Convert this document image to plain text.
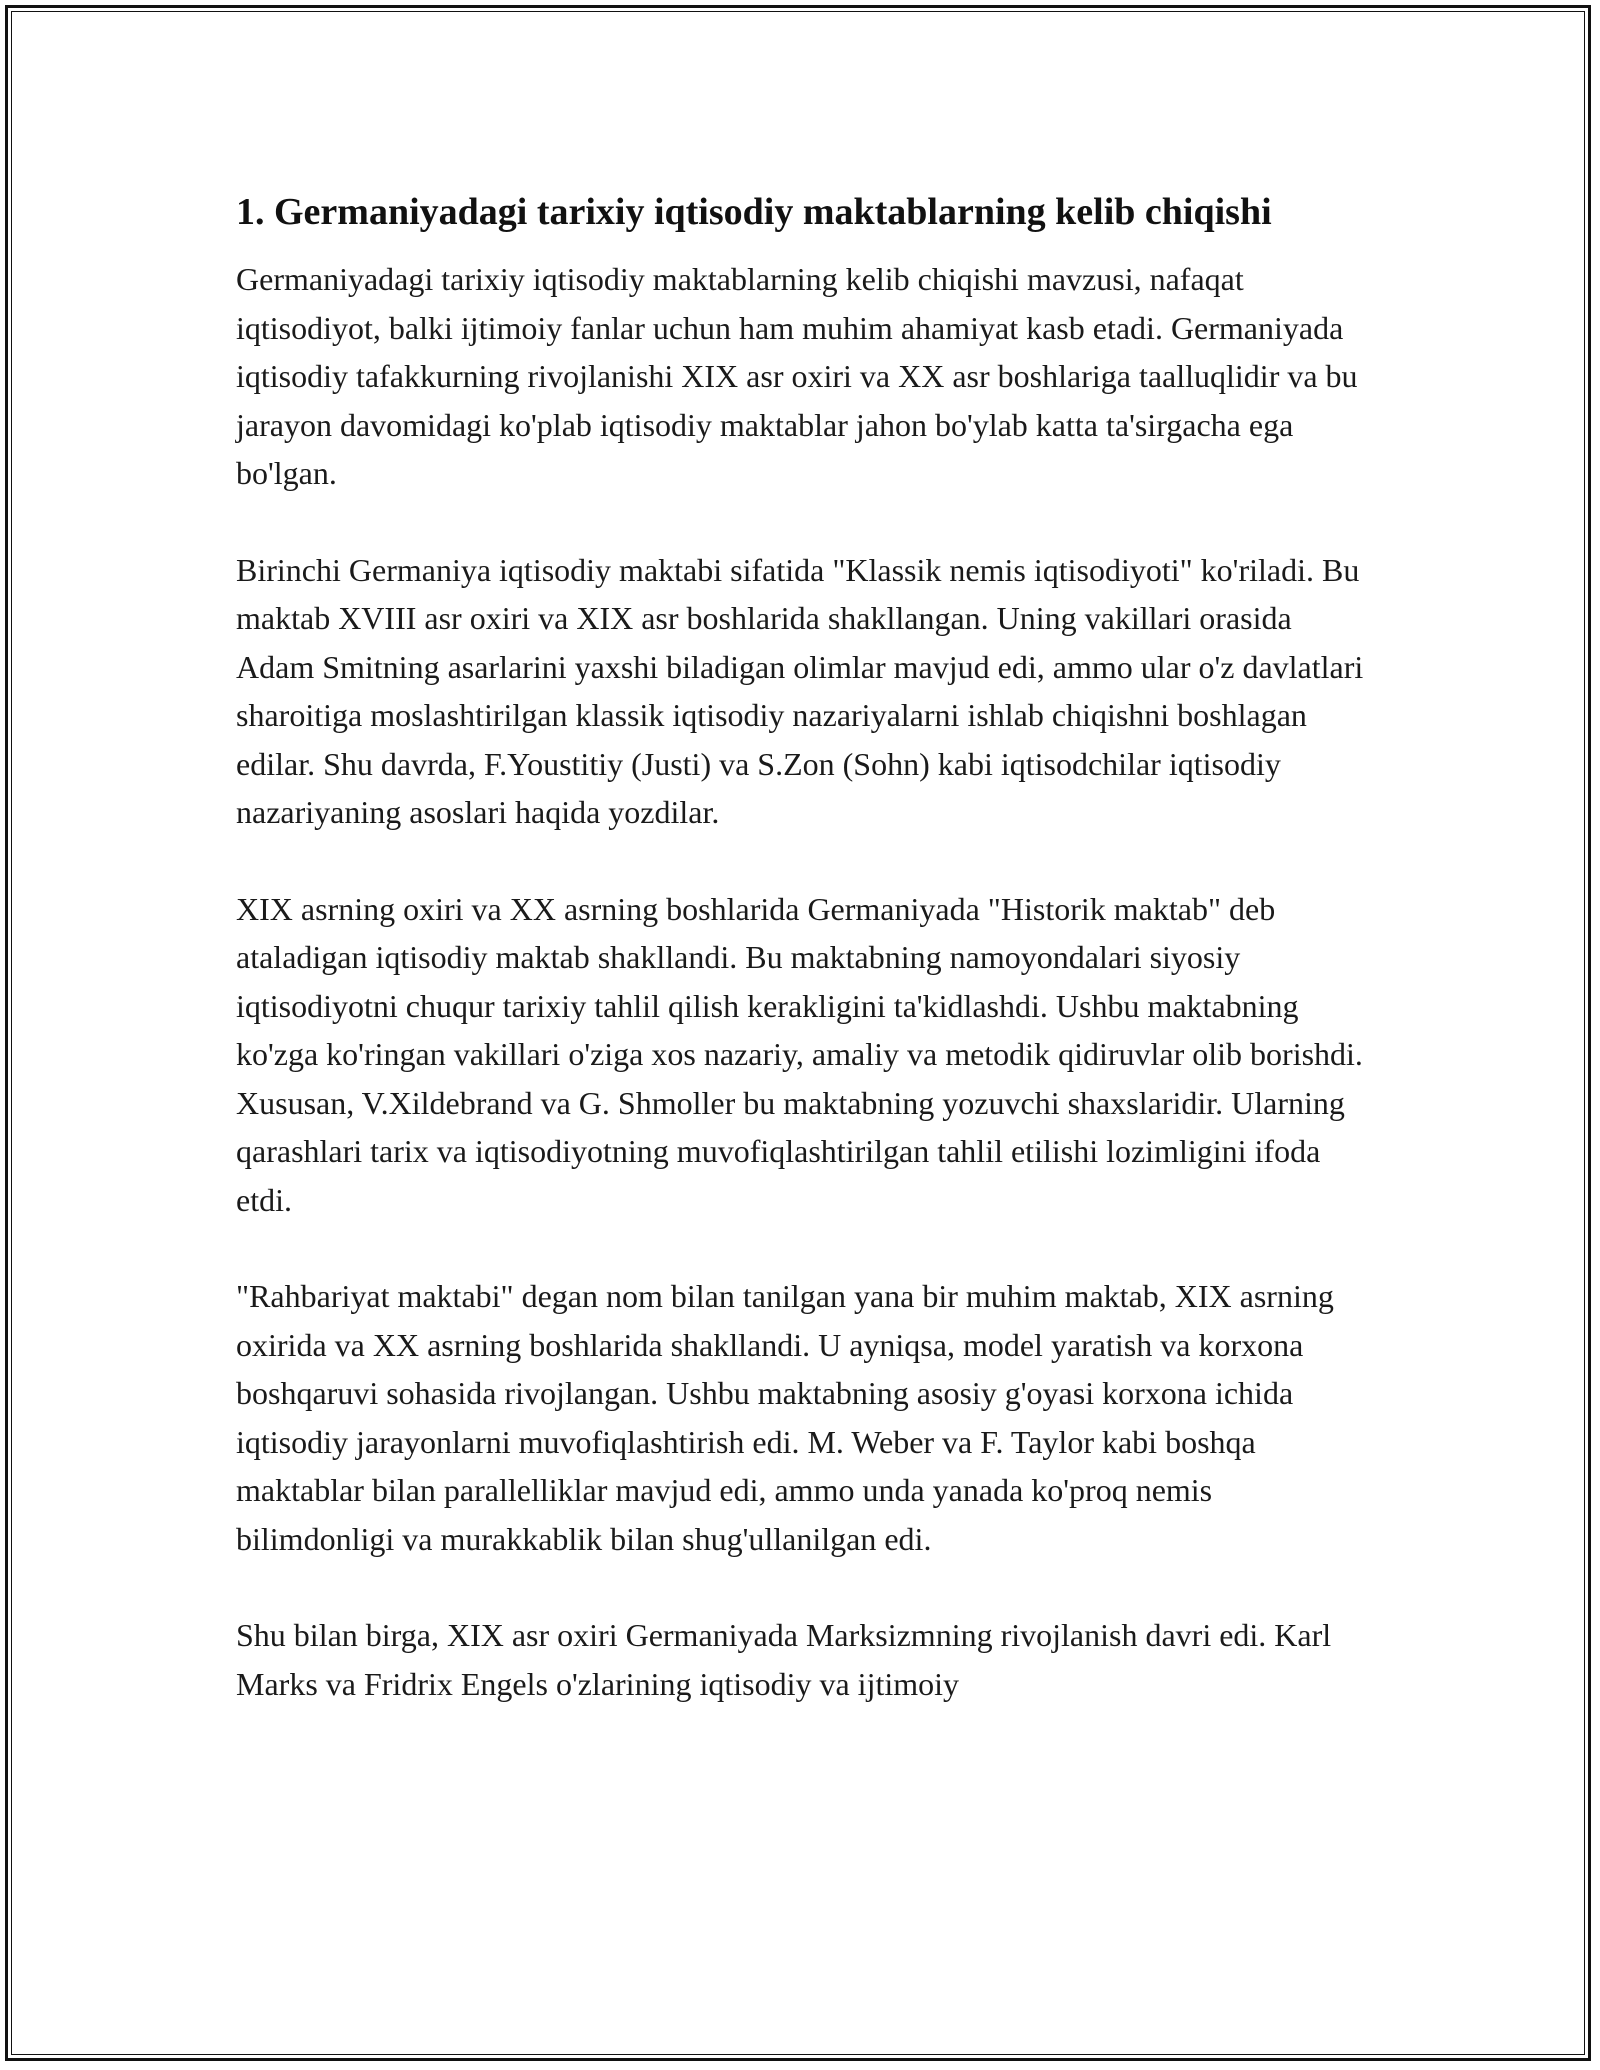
1. Germaniyadagi tarixiy iqtisodiy maktablarning kelib chiqishi

Germaniyadagi tarixiy iqtisodiy maktablarning kelib chiqishi mavzusi, nafaqat iqtisodiyot, balki ijtimoiy fanlar uchun ham muhim ahamiyat kasb etadi. Germaniyada iqtisodiy tafakkurning rivojlanishi XIX asr oxiri va XX asr boshlariga taalluqlidir va bu jarayon davomidagi ko'plab iqtisodiy maktablar jahon bo'ylab katta ta'sirgacha ega bo'lgan.

Birinchi Germaniya iqtisodiy maktabi sifatida "Klassik nemis iqtisodiyoti" ko'riladi. Bu maktab XVIII asr oxiri va XIX asr boshlarida shakllangan. Uning vakillari orasida Adam Smitning asarlarini yaxshi biladigan olimlar mavjud edi, ammo ular o'z davlatlari sharoitiga moslashtirilgan klassik iqtisodiy nazariyalarni ishlab chiqishni boshlagan edilar. Shu davrda, F.Youstitiy (Justi) va S.Zon (Sohn) kabi iqtisodchilar iqtisodiy nazariyaning asoslari haqida yozdilar.

XIX asrning oxiri va XX asrning boshlarida Germaniyada "Historik maktab" deb ataladigan iqtisodiy maktab shakllandi. Bu maktabning namoyondalari siyosiy iqtisodiyotni chuqur tarixiy tahlil qilish kerakligini ta'kidlashdi. Ushbu maktabning ko'zga ko'ringan vakillari o'ziga xos nazariy, amaliy va metodik qidiruvlar olib borishdi. Xususan, V.Xildebrand va G. Shmoller bu maktabning yozuvchi shaxslaridir. Ularning qarashlari tarix va iqtisodiyotning muvofiqlashtirilgan tahlil etilishi lozimligini ifoda etdi.

"Rahbariyat maktabi" degan nom bilan tanilgan yana bir muhim maktab, XIX asrning oxirida va XX asrning boshlarida shakllandi. U ayniqsa, model yaratish va korxona boshqaruvi sohasida rivojlangan. Ushbu maktabning asosiy g'oyasi korxona ichida iqtisodiy jarayonlarni muvofiqlashtirish edi. M. Weber va F. Taylor kabi boshqa maktablar bilan parallelliklar mavjud edi, ammo unda yanada ko'proq nemis bilimdonligi va murakkablik bilan shug'ullanilgan edi.

Shu bilan birga, XIX asr oxiri Germaniyada Marksizmning rivojlanish davri edi. Karl Marks va Fridrix Engels o'zlarining iqtisodiy va ijtimoiy
